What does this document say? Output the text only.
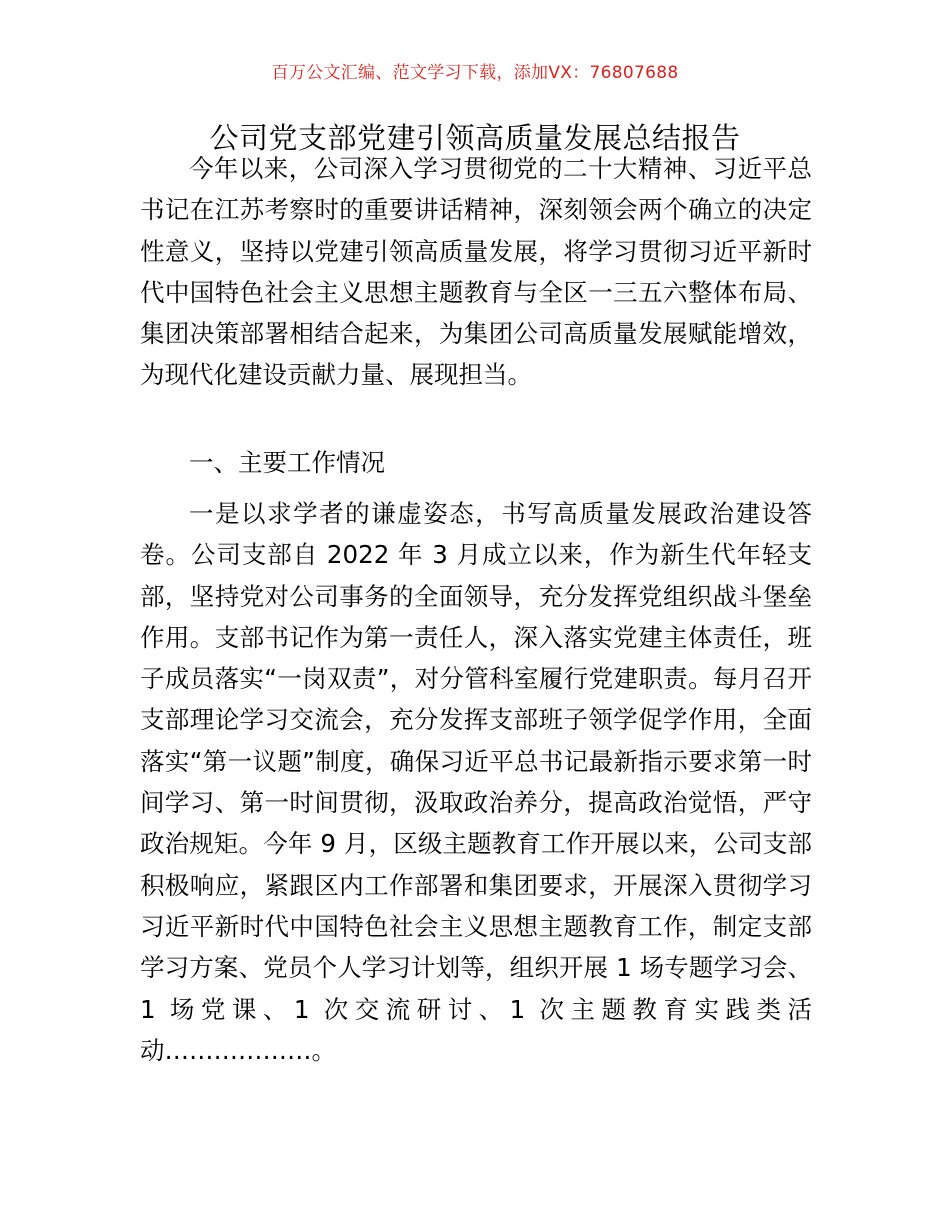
百万公文汇编、范文学习下载，添加VX：76807688
公司党支部党建引领高质量发展总结报告

今年以来，公司深入学习贯彻党的二十大精神、习近平总书记在江苏考察时的重要讲话精神，深刻领会两个确立的决定性意义，坚持以党建引领高质量发展，将学习贯彻习近平新时代中国特色社会主义思想主题教育与全区一三五六整体布局、集团决策部署相结合起来，为集团公司高质量发展赋能增效，为现代化建设贡献力量、展现担当。

一、主要工作情况

一是以求学者的谦虚姿态，书写高质量发展政治建设答卷。公司支部自 2022 年 3 月成立以来，作为新生代年轻支部，坚持党对公司事务的全面领导，充分发挥党组织战斗堡垒作用。支部书记作为第一责任人，深入落实党建主体责任，班子成员落实“一岗双责”，对分管科室履行党建职责。每月召开支部理论学习交流会，充分发挥支部班子领学促学作用，全面落实“第一议题”制度，确保习近平总书记最新指示要求第一时间学习、第一时间贯彻，汲取政治养分，提高政治觉悟，严守政治规矩。今年 9 月，区级主题教育工作开展以来，公司支部积极响应，紧跟区内工作部署和集团要求，开展深入贯彻学习习近平新时代中国特色社会主义思想主题教育工作，制定支部学习方案、党员个人学习计划等，组织开展 1 场专题学习会、1 场党课、1 次交流研讨、1 次主题教育实践类活动………………。
